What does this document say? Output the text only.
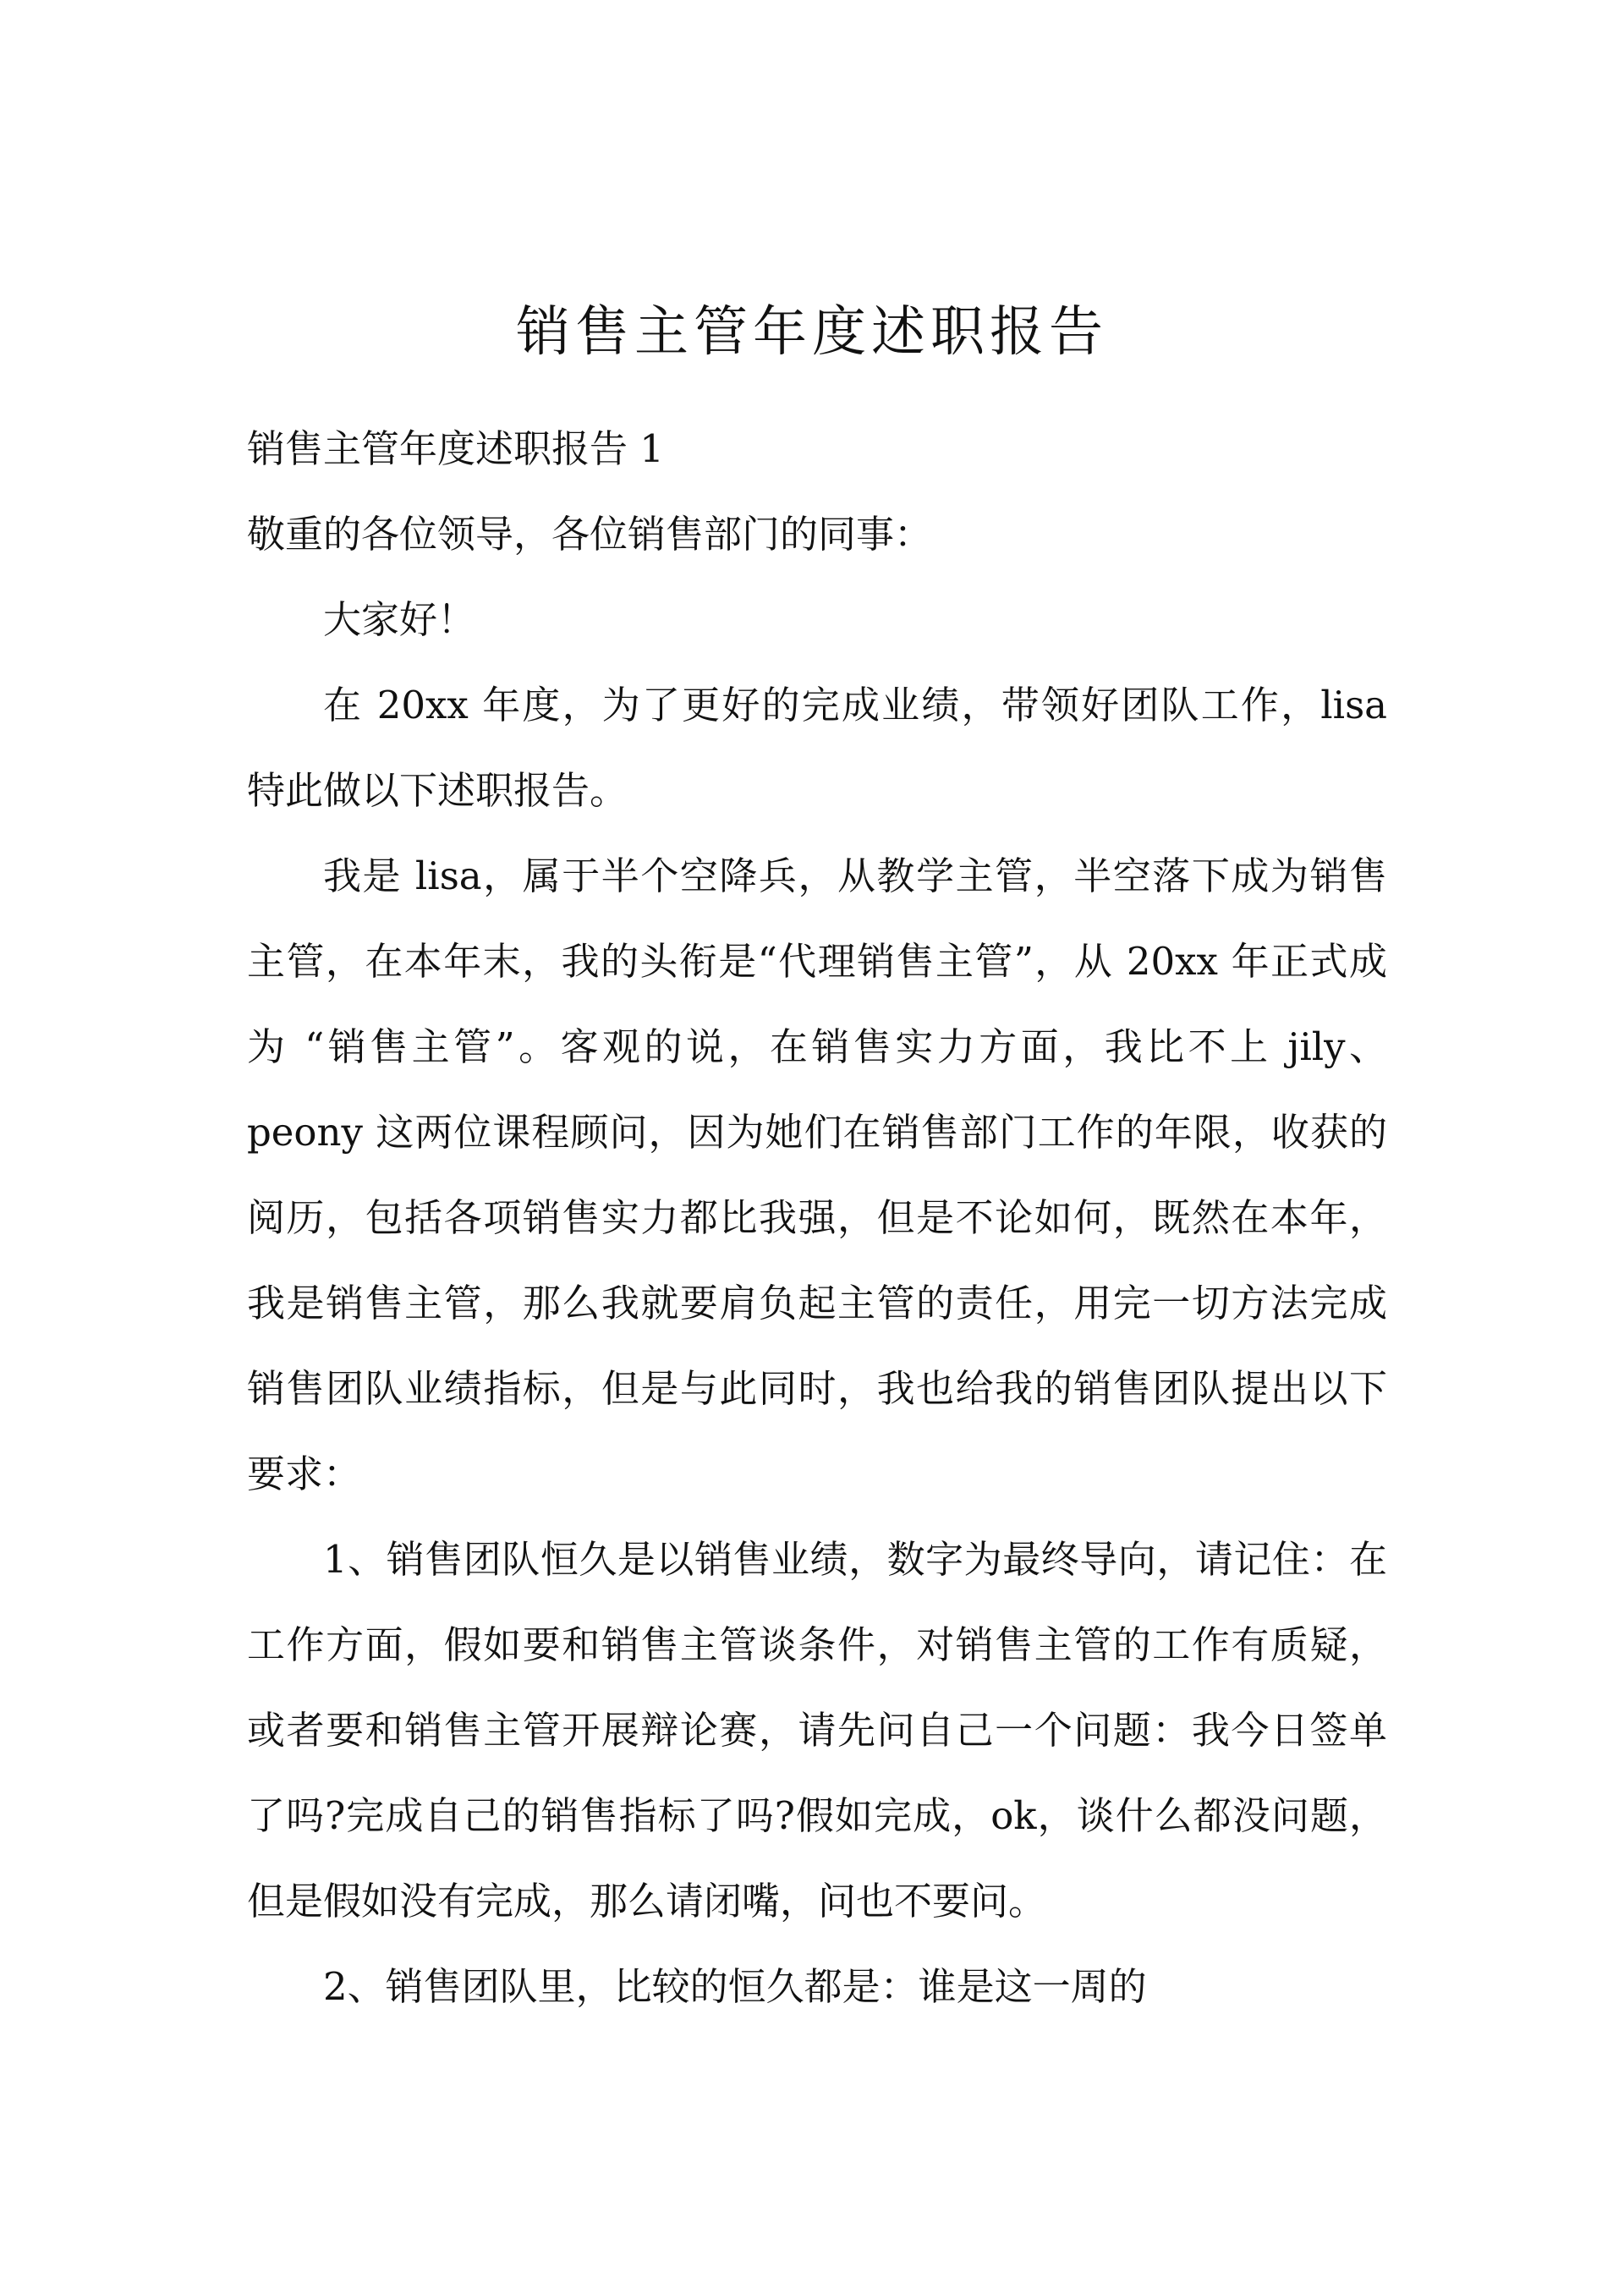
销售主管年度述职报告

销售主管年度述职报告 1

敬重的各位领导，各位销售部门的同事：

大家好！

在 20xx 年度，为了更好的完成业绩，带领好团队工作，lisa 特此做以下述职报告。

我是 lisa，属于半个空降兵，从教学主管，半空落下成为销售主管，在本年末，我的头衔是“代理销售主管”，从 20xx 年正式成为 “销售主管”。客观的说，在销售实力方面，我比不上 jily、peony 这两位课程顾问，因为她们在销售部门工作的年限，收获的阅历，包括各项销售实力都比我强，但是不论如何，既然在本年，我是销售主管，那么我就要肩负起主管的责任，用完一切方法完成销售团队业绩指标，但是与此同时，我也给我的销售团队提出以下要求：

1、销售团队恒久是以销售业绩，数字为最终导向，请记住：在工作方面，假如要和销售主管谈条件，对销售主管的工作有质疑，或者要和销售主管开展辩论赛，请先问自己一个问题：我今日签单了吗?完成自己的销售指标了吗?假如完成，ok，谈什么都没问题，但是假如没有完成，那么请闭嘴，问也不要问。

2、销售团队里，比较的恒久都是：谁是这一周的
